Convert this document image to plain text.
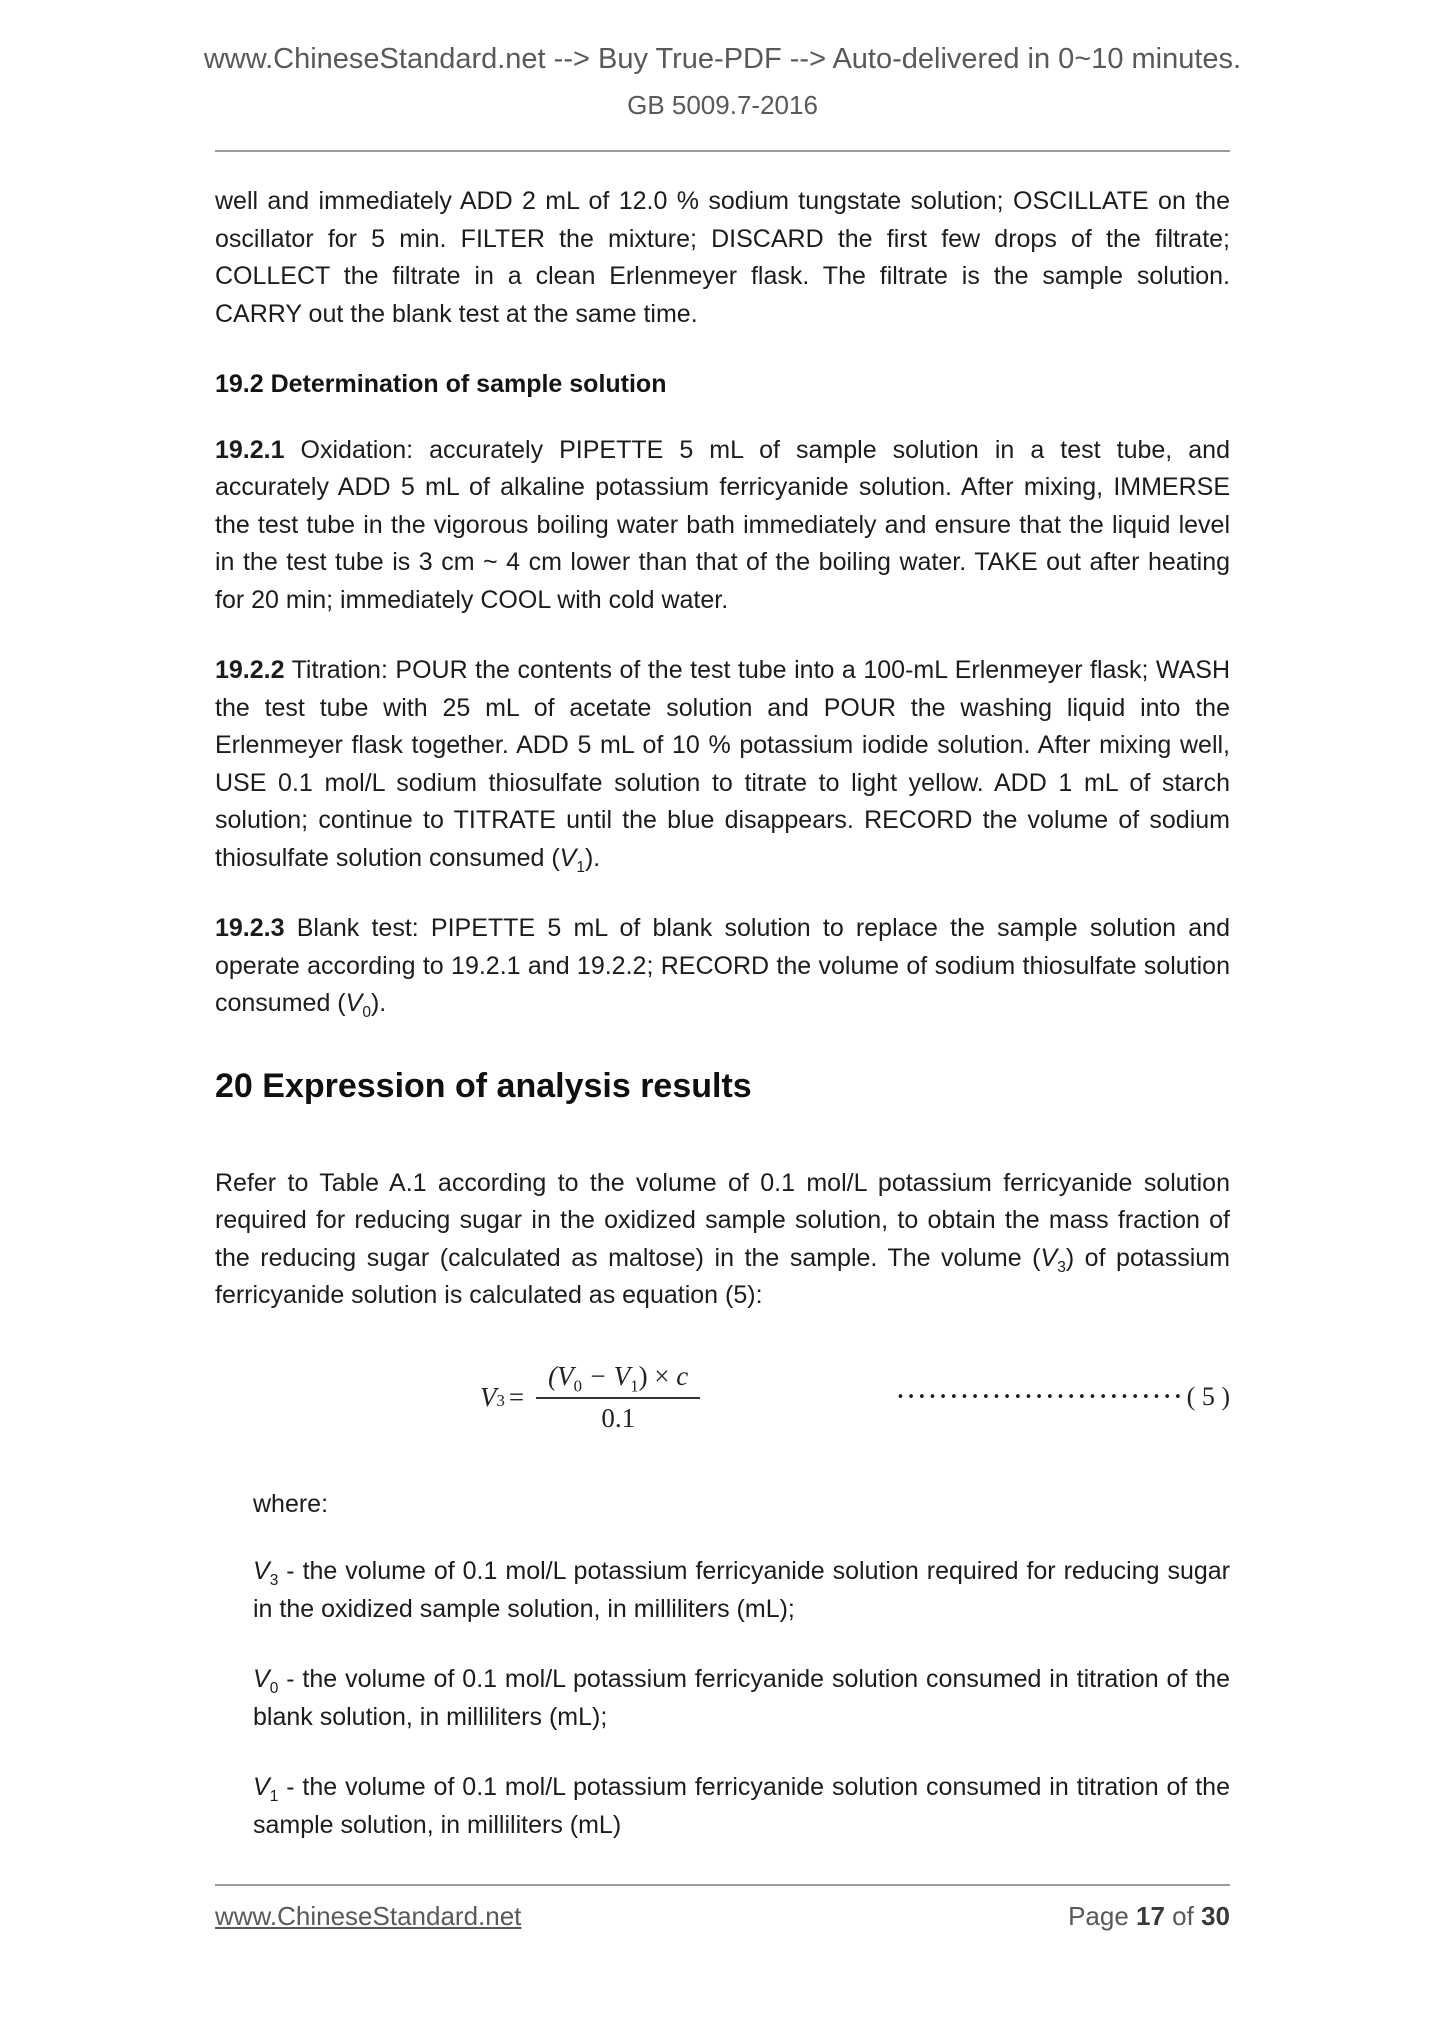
www.ChineseStandard.net --> Buy True-PDF --> Auto-delivered in 0~10 minutes.
GB 5009.7-2016

well and immediately ADD 2 mL of 12.0 % sodium tungstate solution; OSCILLATE on the oscillator for 5 min. FILTER the mixture; DISCARD the first few drops of the filtrate; COLLECT the filtrate in a clean Erlenmeyer flask. The filtrate is the sample solution. CARRY out the blank test at the same time.

19.2 Determination of sample solution

19.2.1 Oxidation: accurately PIPETTE 5 mL of sample solution in a test tube, and accurately ADD 5 mL of alkaline potassium ferricyanide solution. After mixing, IMMERSE the test tube in the vigorous boiling water bath immediately and ensure that the liquid level in the test tube is 3 cm ~ 4 cm lower than that of the boiling water. TAKE out after heating for 20 min; immediately COOL with cold water.

19.2.2 Titration: POUR the contents of the test tube into a 100-mL Erlenmeyer flask; WASH the test tube with 25 mL of acetate solution and POUR the washing liquid into the Erlenmeyer flask together. ADD 5 mL of 10 % potassium iodide solution. After mixing well, USE 0.1 mol/L sodium thiosulfate solution to titrate to light yellow. ADD 1 mL of starch solution; continue to TITRATE until the blue disappears. RECORD the volume of sodium thiosulfate solution consumed $(V_1)$.

19.2.3 Blank test: PIPETTE 5 mL of blank solution to replace the sample solution and operate according to 19.2.1 and 19.2.2; RECORD the volume of sodium thiosulfate solution consumed $(V_0)$.

20 Expression of analysis results

Refer to Table A.1 according to the volume of 0.1 mol/L potassium ferricyanide solution required for reducing sugar in the oxidized sample solution, to obtain the mass fraction of the reducing sugar (calculated as maltose) in the sample. The volume $(V_3)$ of potassium ferricyanide solution is calculated as equation (5):

V $3 = \frac{(V_0 - V_1) \times c}{0.1}$	••••••••••••••••••••••••••• ( 5 )

where:

$V_3$ - the volume of 0.1 mol/L potassium ferricyanide solution required for reducing sugar in the oxidized sample solution, in milliliters (mL);

$V_0$ - the volume of 0.1 mol/L potassium ferricyanide solution consumed in titration of the blank solution, in milliliters (mL);

$V_1$ - the volume of 0.1 mol/L potassium ferricyanide solution consumed in titration of the sample solution, in milliliters (mL)

www.ChineseStandard.net	Page 17 of 30
